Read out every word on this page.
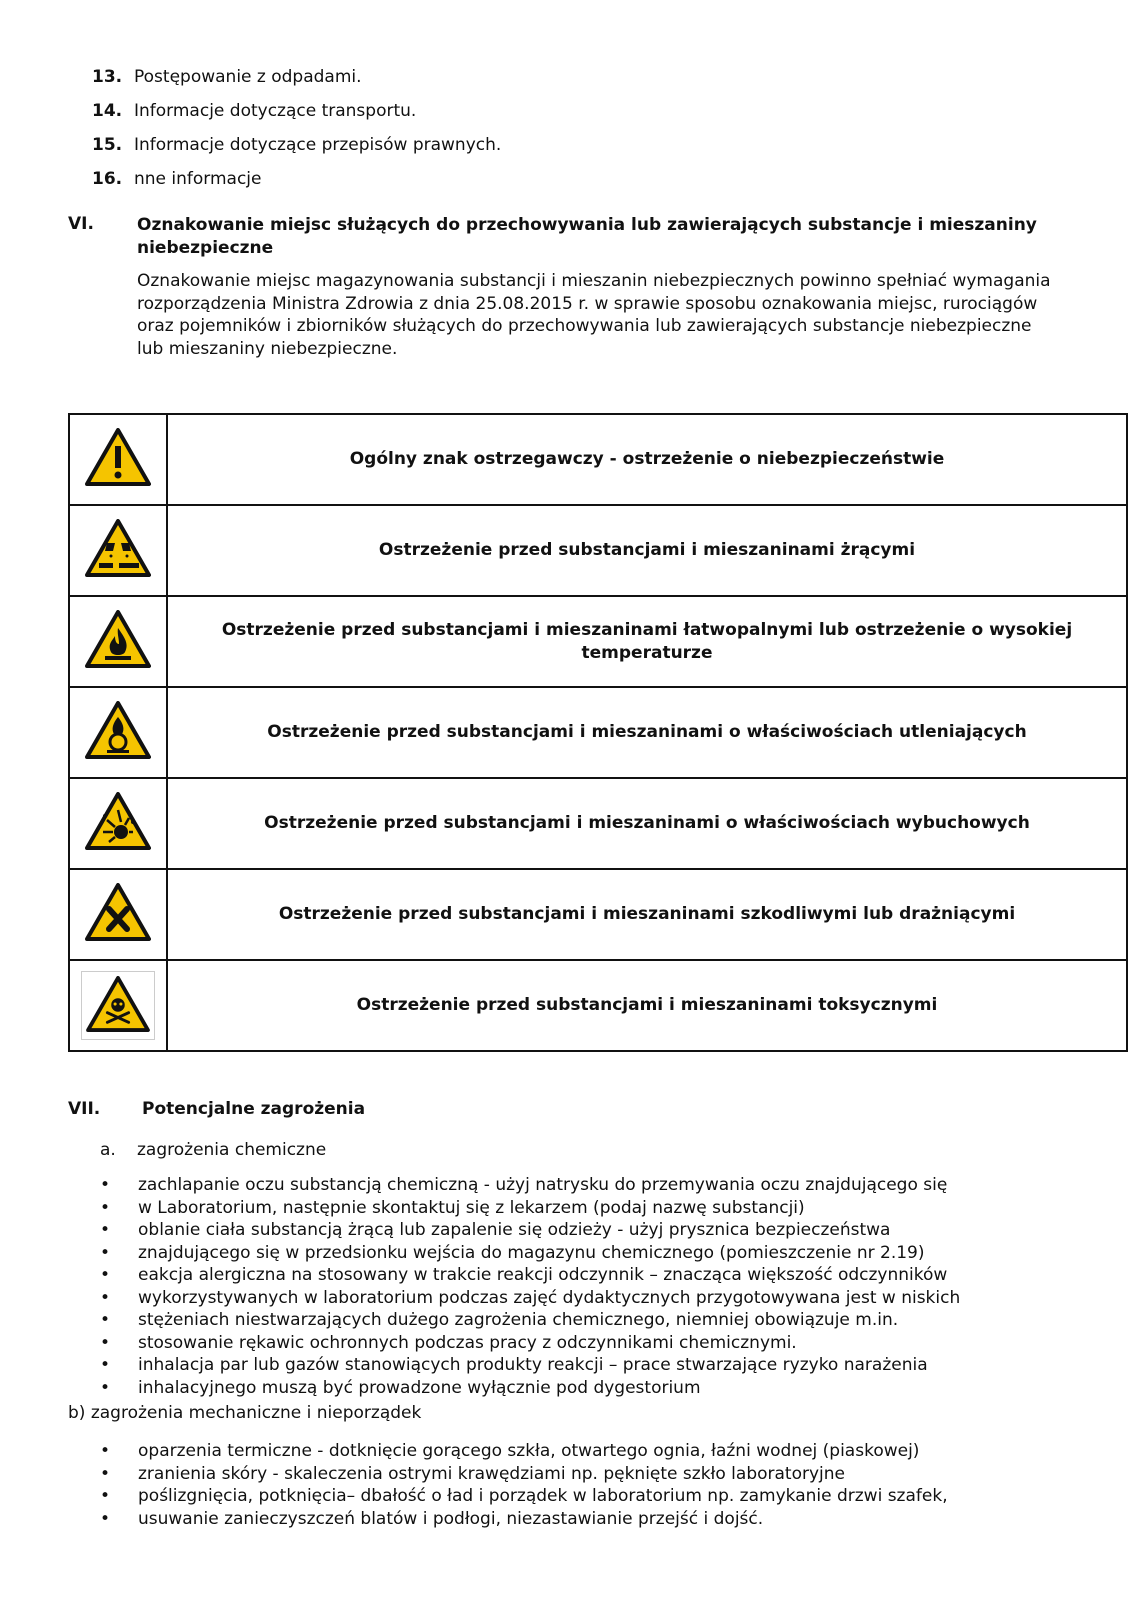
13. Postępowanie z odpadami.
14. Informacje dotyczące transportu.
15. Informacje dotyczące przepisów prawnych.
16. nne informacje
VI.	Oznakowanie miejsc służących do przechowywania lub zawierających substancje i mieszaniny
niebezpieczne
Oznakowanie miejsc magazynowania substancji i mieszanin niebezpiecznych powinno spełniać wymagania
rozporządzenia Ministra Zdrowia z dnia 25.08.2015 r. w sprawie sposobu oznakowania miejsc, rurociągów
oraz pojemników i zbiorników służących do przechowywania lub zawierających substancje niebezpieczne
lub mieszaniny niebezpieczne.

Ogólny znak ostrzegawczy - ostrzeżenie o niebezpieczeństwie

Ostrzeżenie przed substancjami i mieszaninami żrącymi

Ostrzeżenie przed substancjami i mieszaninami łatwopalnymi lub ostrzeżenie o wysokiej
temperaturze

Ostrzeżenie przed substancjami i mieszaninami o właściwościach utleniających

Ostrzeżenie przed substancjami i mieszaninami o właściwościach wybuchowych

Ostrzeżenie przed substancjami i mieszaninami szkodliwymi lub drażniącymi

Ostrzeżenie przed substancjami i mieszaninami toksycznymi
VII. Potencjalne zagrożenia
a. zagrożenia chemiczne
• zachlapanie oczu substancją chemiczną - użyj natrysku do przemywania oczu znajdującego się
• w Laboratorium, następnie skontaktuj się z lekarzem (podaj nazwę substancji)
• oblanie ciała substancją żrącą lub zapalenie się odzieży - użyj prysznica bezpieczeństwa
• znajdującego się w przedsionku wejścia do magazynu chemicznego (pomieszczenie nr 2.19)
• eakcja alergiczna na stosowany w trakcie reakcji odczynnik – znacząca większość odczynników
• wykorzystywanych w laboratorium podczas zajęć dydaktycznych przygotowywana jest w niskich
• stężeniach niestwarzających dużego zagrożenia chemicznego, niemniej obowiązuje m.in.
• stosowanie rękawic ochronnych podczas pracy z odczynnikami chemicznymi.
• inhalacja par lub gazów stanowiących produkty reakcji – prace stwarzające ryzyko narażenia
• inhalacyjnego muszą być prowadzone wyłącznie pod dygestorium
b) zagrożenia mechaniczne i nieporządek
• oparzenia termiczne - dotknięcie gorącego szkła, otwartego ognia, łaźni wodnej (piaskowej)
• zranienia skóry - skaleczenia ostrymi krawędziami np. pęknięte szkło laboratoryjne
• poślizgnięcia, potknięcia– dbałość o ład i porządek w laboratorium np. zamykanie drzwi szafek,
• usuwanie zanieczyszczeń blatów i podłogi, niezastawianie przejść i dojść.
